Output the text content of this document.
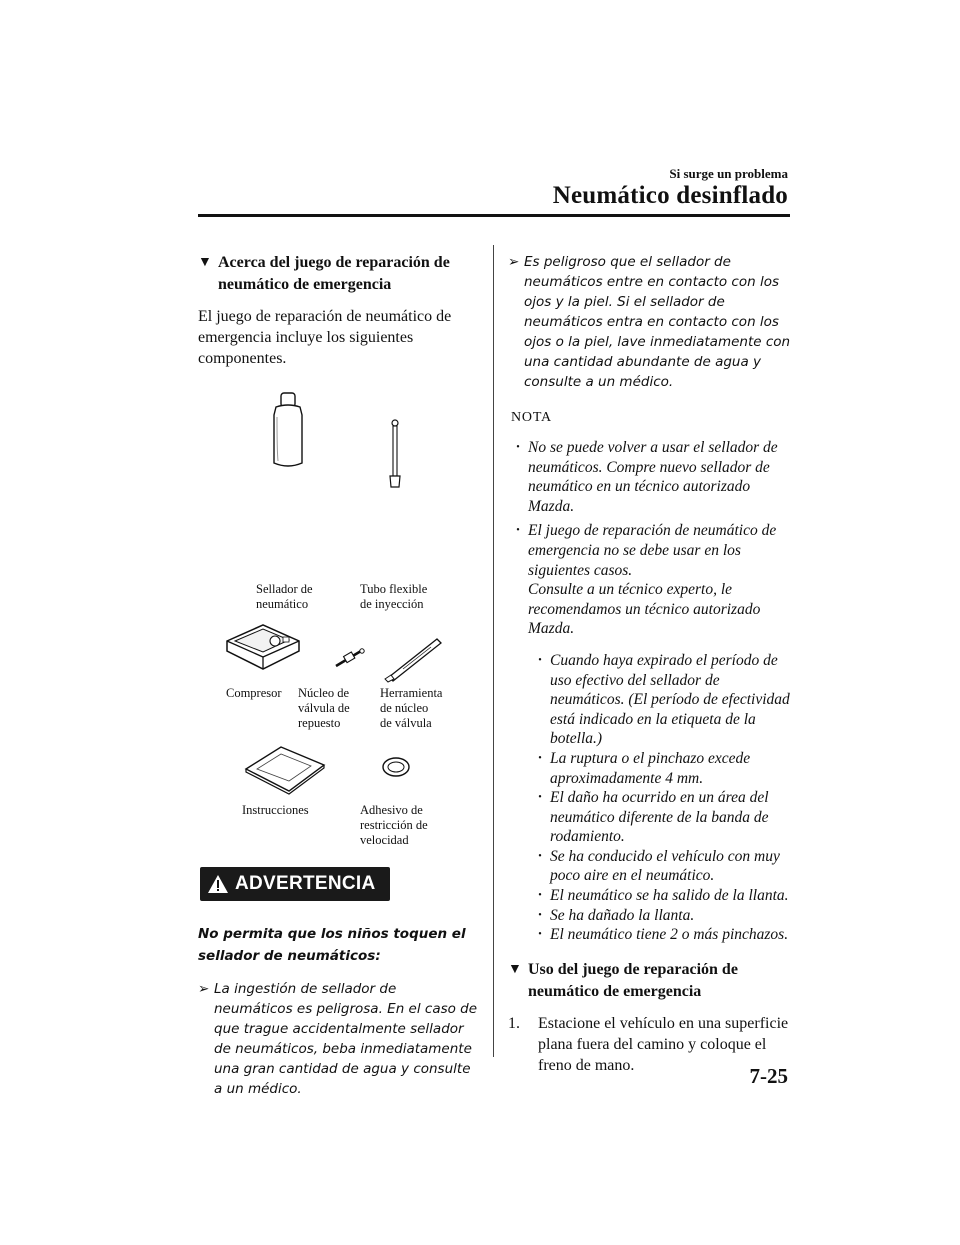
Si surge un problema
Neumático desinflado
▼ Acerca del juego de reparación de neumático de emergencia

El juego de reparación de neumático de emergencia incluye los siguientes componentes.

Sellador de
neumático
Tubo flexible
de inyección
Compresor Núcleo de
válvula de
repuesto
Herramienta
de núcleo
de válvula
Instrucciones	Adhesivo de
restricción de
velocidad
ADVERTENCIA
No permita que los niños toquen el sellador de neumáticos:
➢ La ingestión de sellador de neumáticos es peligrosa. En el caso de que trague accidentalmente sellador de neumáticos, beba inmediatamente una gran cantidad de agua y consulte a un médico.
➢ Es peligroso que el sellador de neumáticos entre en contacto con los ojos y la piel. Si el sellador de neumáticos entra en contacto con los ojos o la piel, lave inmediatamente con una cantidad abundante de agua y consulte a un médico.
NOTA
• No se puede volver a usar el sellador de neumáticos. Compre nuevo sellador de neumático en un técnico autorizado Mazda.
• El juego de reparación de neumático de emergencia no se debe usar en los siguientes casos.
Consulte a un técnico experto, le recomendamos un técnico autorizado Mazda.
• Cuando haya expirado el período de uso efectivo del sellador de neumáticos. (El período de efectividad está indicado en la etiqueta de la botella.)
• La ruptura o el pinchazo excede aproximadamente 4 mm.
• El daño ha ocurrido en un área del neumático diferente de la banda de rodamiento.
• Se ha conducido el vehículo con muy poco aire en el neumático.
• El neumático se ha salido de la llanta.
• Se ha dañado la llanta.
• El neumático tiene 2 o más pinchazos.
▼ Uso del juego de reparación de neumático de emergencia
1.	Estacione el vehículo en una superficie plana fuera del camino y coloque el freno de mano.	7-25
